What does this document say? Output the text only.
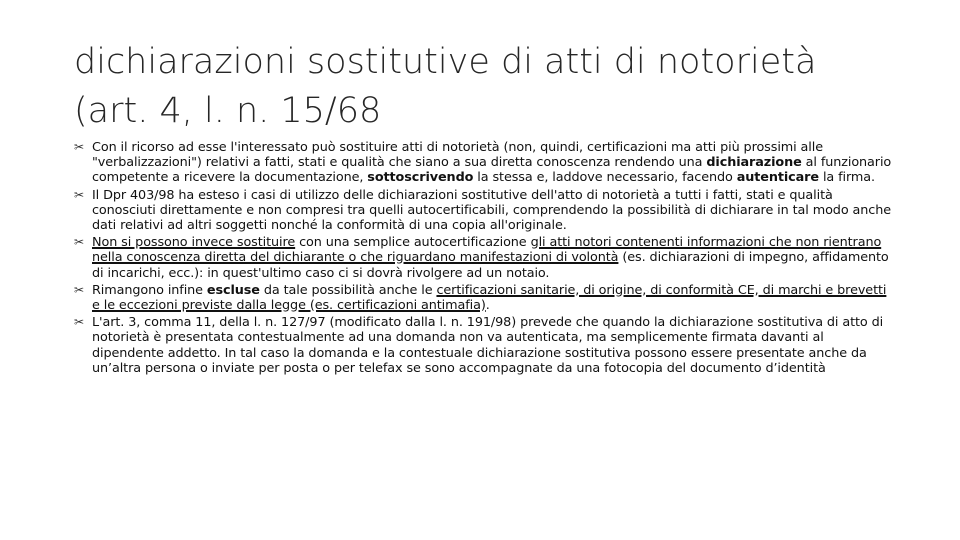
dichiarazioni sostitutive di atti di notorietà
(art. 4, l. n. 15/68
✂ Con il ricorso ad esse l'interessato può sostituire atti di notorietà (non, quindi, certificazioni ma atti più prossimi alle "verbalizzazioni") relativi a fatti, stati e qualità che siano a sua diretta conoscenza rendendo una dichiarazione al funzionario competente a ricevere la documentazione, sottoscrivendo la stessa e, laddove necessario, facendo autenticare la firma.
✂ Il Dpr 403/98 ha esteso i casi di utilizzo delle dichiarazioni sostitutive dell'atto di notorietà a tutti i fatti, stati e qualità conosciuti direttamente e non compresi tra quelli autocertificabili, comprendendo la possibilità di dichiarare in tal modo anche dati relativi ad altri soggetti nonché la conformità di una copia all'originale.
✂ Non si possono invece sostituire con una semplice autocertificazione gli atti notori contenenti informazioni che non rientrano nella conoscenza diretta del dichiarante o che riguardano manifestazioni di volontà (es. dichiarazioni di impegno, affidamento di incarichi, ecc.): in quest'ultimo caso ci si dovrà rivolgere ad un notaio.
✂ Rimangono infine escluse da tale possibilità anche le certificazioni sanitarie, di origine, di conformità CE, di marchi e brevetti e le eccezioni previste dalla legge (es. certificazioni antimafia).
✂ L'art. 3, comma 11, della l. n. 127/97 (modificato dalla l. n. 191/98) prevede che quando la dichiarazione sostitutiva di atto di notorietà è presentata contestualmente ad una domanda non va autenticata, ma semplicemente firmata davanti al dipendente addetto. In tal caso la domanda e la contestuale dichiarazione sostitutiva possono essere presentate anche da un’altra persona o inviate per posta o per telefax se sono accompagnate da una fotocopia del documento d’identità
